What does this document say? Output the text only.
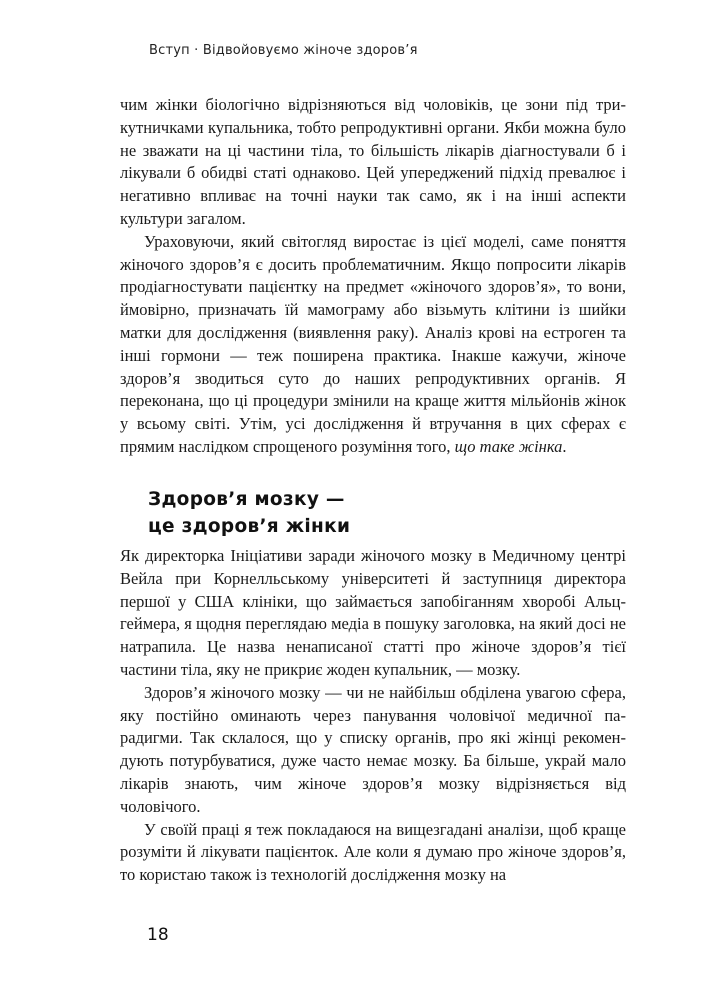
Вступ · Відвойовуємо жіноче здоров’я

чим жінки біологічно відрізняються від чоловіків, це зони під трикутничками купальника, тобто репродуктивні органи. Якби можна було не зважати на ці частини тіла, то більшість лікарів діагностували б і лікували б обидві статі однаково. Цей упереджений підхід превалює і негативно впливає на точні науки так само, як і на інші аспекти культури загалом.

Ураховуючи, який світогляд виростає із цієї моделі, саме поняття жіночого здоров’я є досить проблематичним. Якщо попросити лікарів продіагностувати пацієнтку на предмет «жіночого здоров’я», то вони, ймовірно, призначать їй мамограму або візьмуть клітини із шийки матки для дослідження (виявлення раку). Аналіз крові на естроген та інші гормони — теж поширена практика. Інакше кажучи, жіноче здоров’я зводиться суто до наших репродуктивних органів. Я переконана, що ці процедури змінили на краще життя мільйонів жінок у всьому світі. Утім, усі дослідження й втручання в цих сферах є прямим наслідком спрощеного розуміння того, що таке жінка.

Здоров’я мозку —
це здоров’я жінки

Як директорка Ініціативи заради жіночого мозку в Медичному центрі Вейла при Корнелльському університеті й заступниця директора першої у США клініки, що займається запобіганням хворобі Альцгеймера, я щодня переглядаю медіа в пошуку заголовка, на який досі не натрапила. Це назва ненаписаної статті про жіноче здоров’я тієї частини тіла, яку не прикриє жоден купальник, — мозку.

Здоров’я жіночого мозку — чи не найбільш обділена увагою сфера, яку постійно оминають через панування чоловічої медичної парадигми. Так склалося, що у списку органів, про які жінці рекомендують потурбуватися, дуже часто немає мозку. Ба більше, украй мало лікарів знають, чим жіноче здоров’я мозку відрізняється від чоловічого.

У своїй праці я теж покладаюся на вищезгадані аналізи, щоб краще розуміти й лікувати пацієнток. Але коли я думаю про жіноче здоров’я, то користаю також із технологій дослідження мозку на

18
